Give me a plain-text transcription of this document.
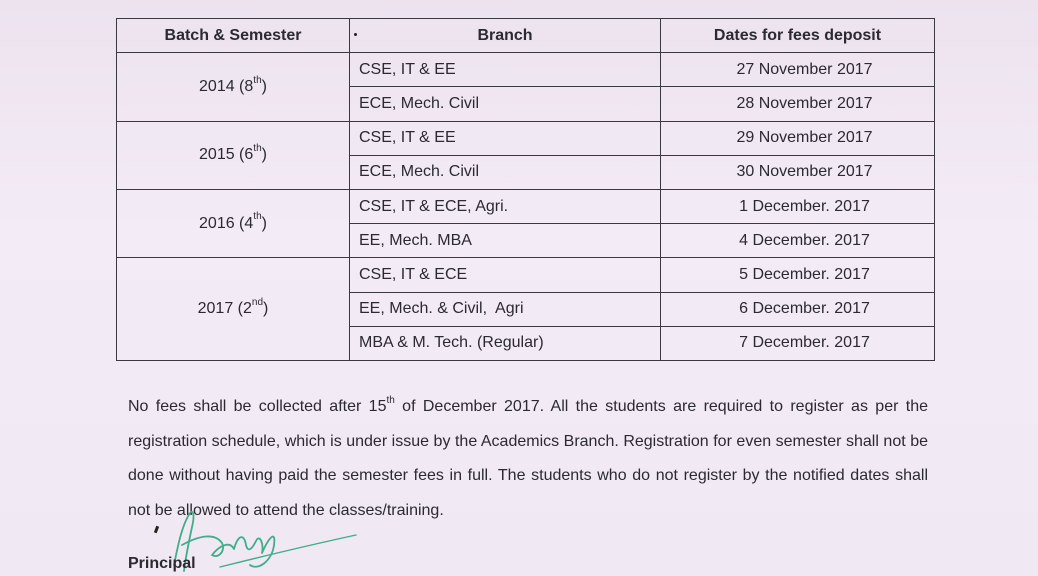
Batch & Semester	Branch	Dates for fees deposit
2014 (8th)	CSE, IT & EE	27 November 2017
	ECE, Mech. Civil	28 November 2017
2015 (6th)	CSE, IT & EE	29 November 2017
	ECE, Mech. Civil	30 November 2017
2016 (4th)	CSE, IT & ECE, Agri.	1 December. 2017
	EE, Mech. MBA	4 December. 2017
2017 (2nd)	CSE, IT & ECE	5 December. 2017
	EE, Mech. & Civil,  Agri	6 December. 2017
	MBA & M. Tech. (Regular)	7 December. 2017

No fees shall be collected after 15th of December 2017. All the students are required to register as per the registration schedule, which is under issue by the Academics Branch. Registration for even semester shall not be done without having paid the semester fees in full. The students who do not register by the notified dates shall not be allowed to attend the classes/training.

Principal
